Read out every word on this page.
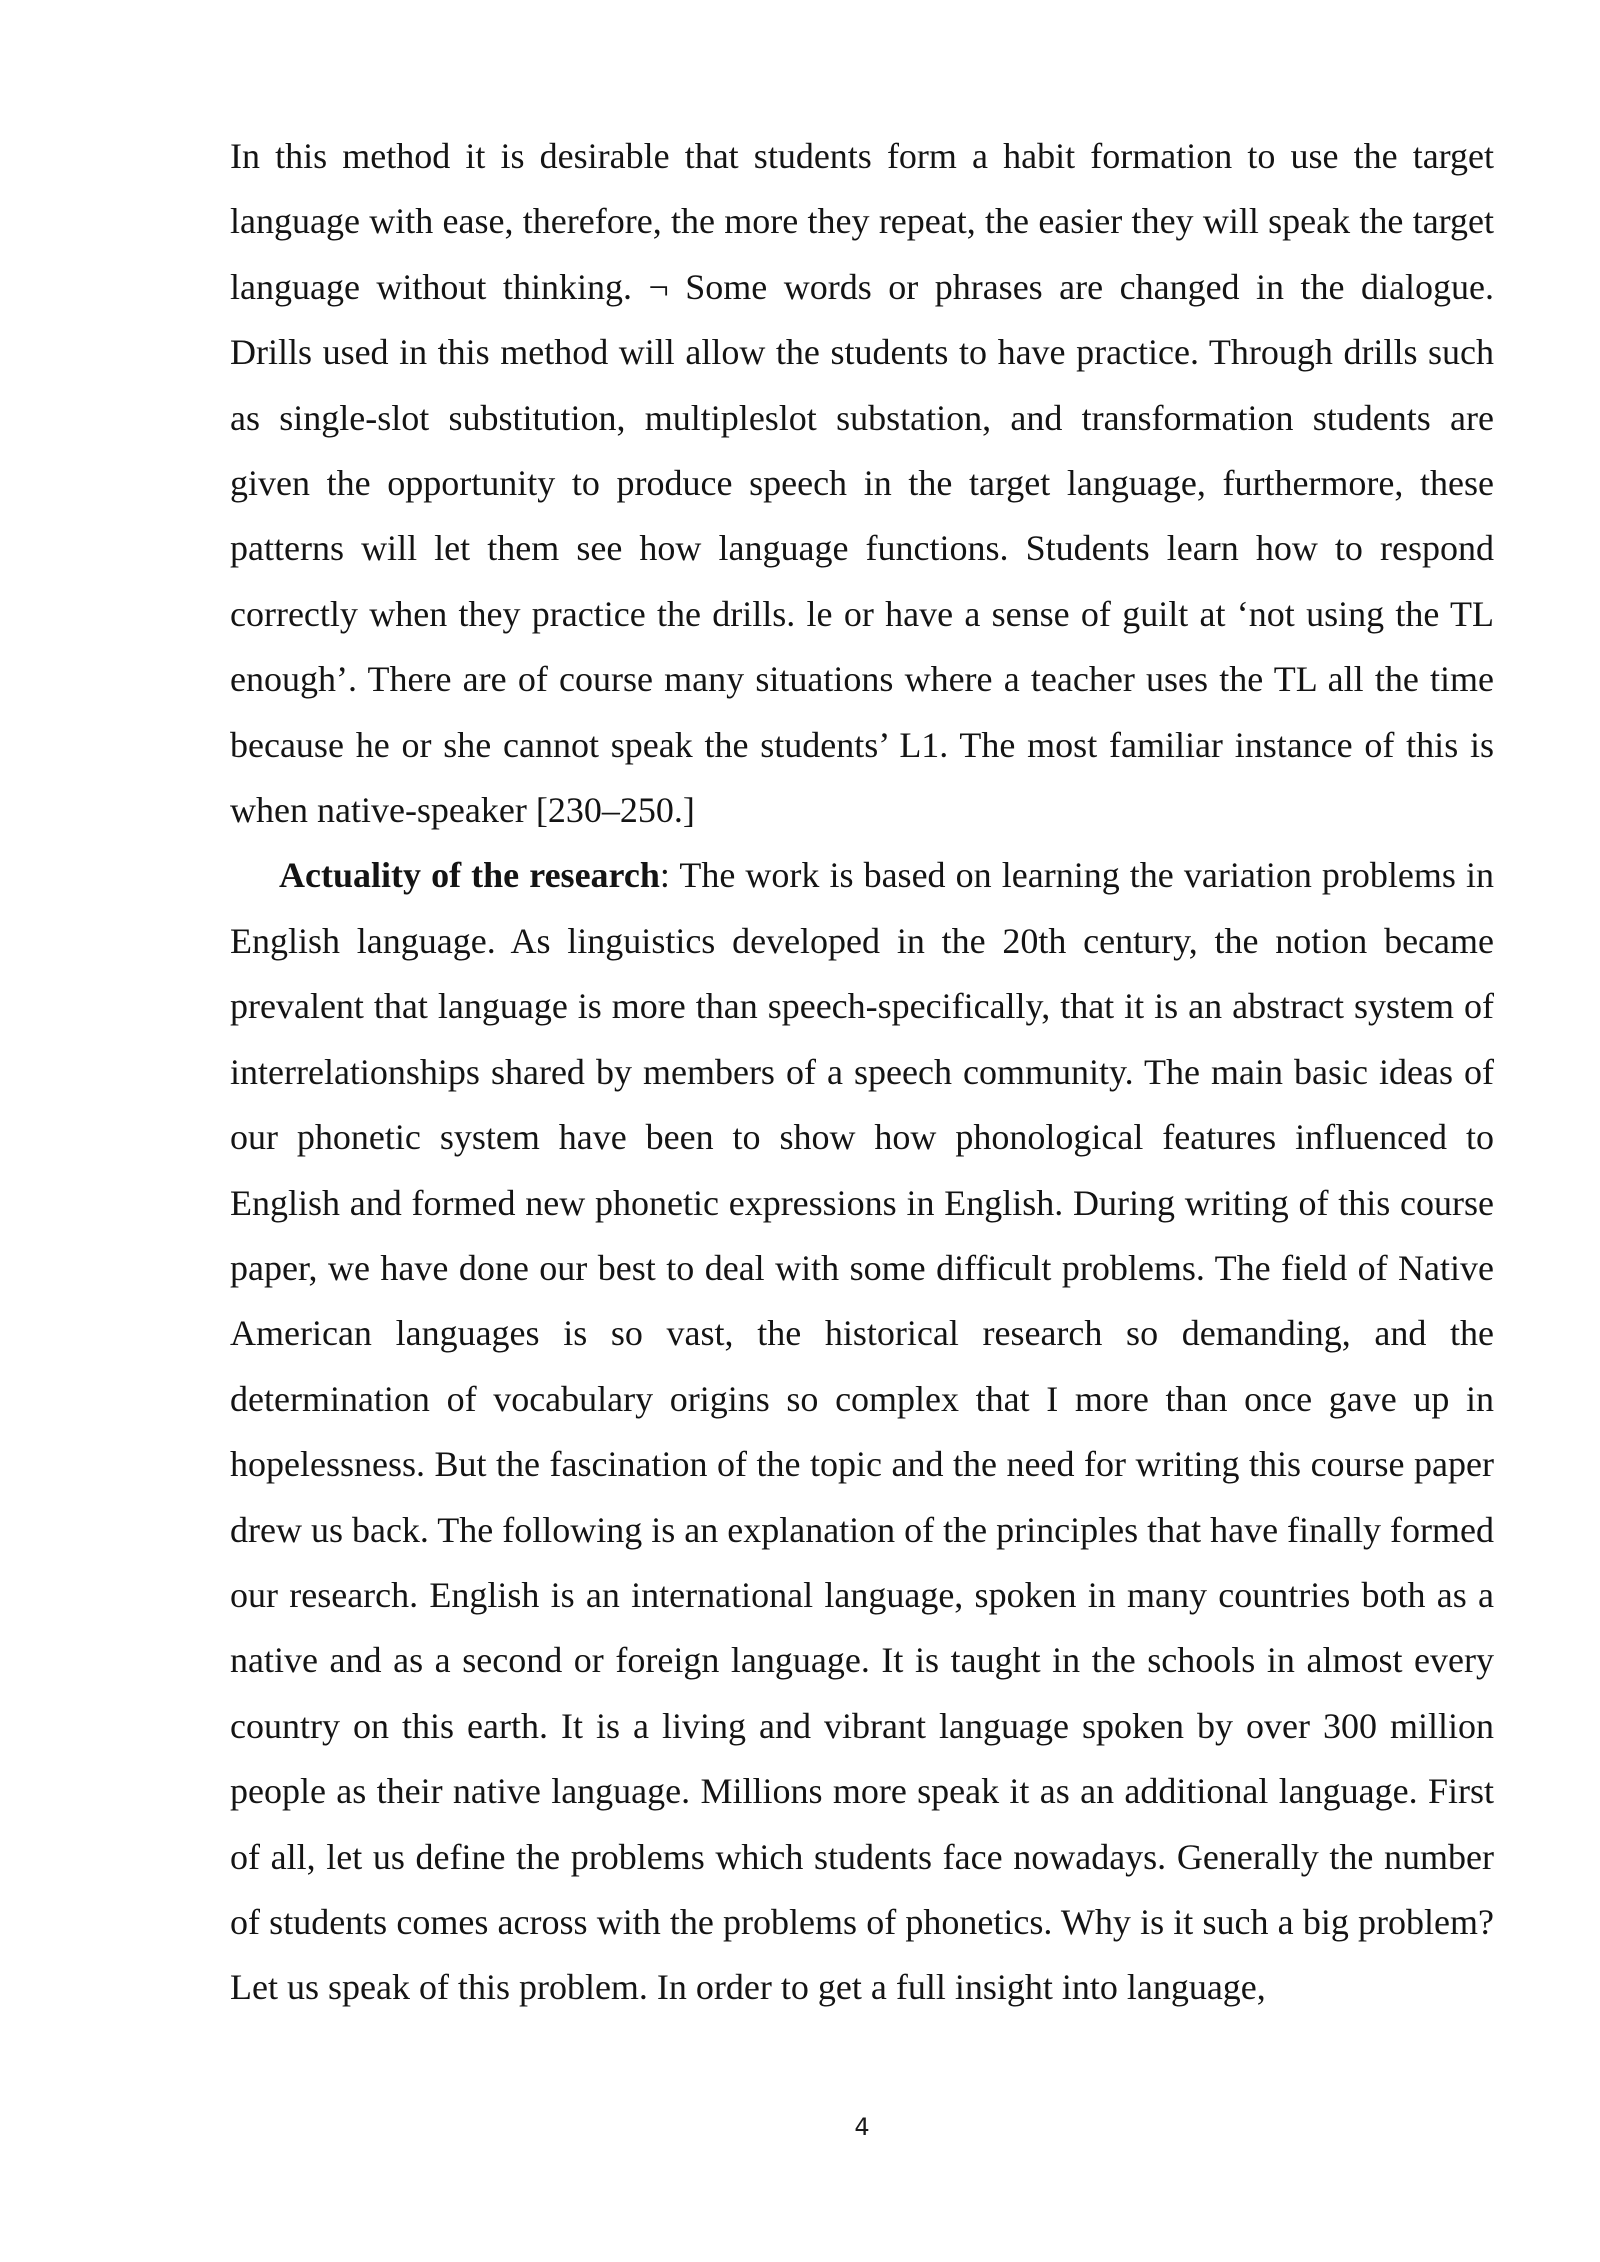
In this method it is desirable that students form a habit formation to use the target language with ease, therefore, the more they repeat, the easier they will speak the target language without thinking. ¬ Some words or phrases are changed in the dialogue. Drills used in this method will allow the students to have practice. Through drills such as single-slot substitution, multipleslot substation, and transformation students are given the opportunity to produce speech in the target language, furthermore, these patterns will let them see how language functions. Students learn how to respond correctly when they practice the drills. le or have a sense of guilt at ‘not using the TL enough’. There are of course many situations where a teacher uses the TL all the time because he or she cannot speak the students’ L1. The most familiar instance of this is when native-speaker [230–250.]

Actuality of the research: The work is based on learning the variation problems in English language. As linguistics developed in the 20th century, the notion became prevalent that language is more than speech-specifically, that it is an abstract system of interrelationships shared by members of a speech community. The main basic ideas of our phonetic system have been to show how phonological features influenced to English and formed new phonetic expressions in English. During writing of this course paper, we have done our best to deal with some difficult problems. The field of Native American languages is so vast, the historical research so demanding, and the determination of vocabulary origins so complex that I more than once gave up in hopelessness. But the fascination of the topic and the need for writing this course paper drew us back. The following is an explanation of the principles that have finally formed our research. English is an international language, spoken in many countries both as a native and as a second or foreign language. It is taught in the schools in almost every country on this earth. It is a living and vibrant language spoken by over 300 million people as their native language. Millions more speak it as an additional language. First of all, let us define the problems which students face nowadays. Generally the number of students comes across with the problems of phonetics. Why is it such a big problem? Let us speak of this problem. In order to get a full insight into language,

4
